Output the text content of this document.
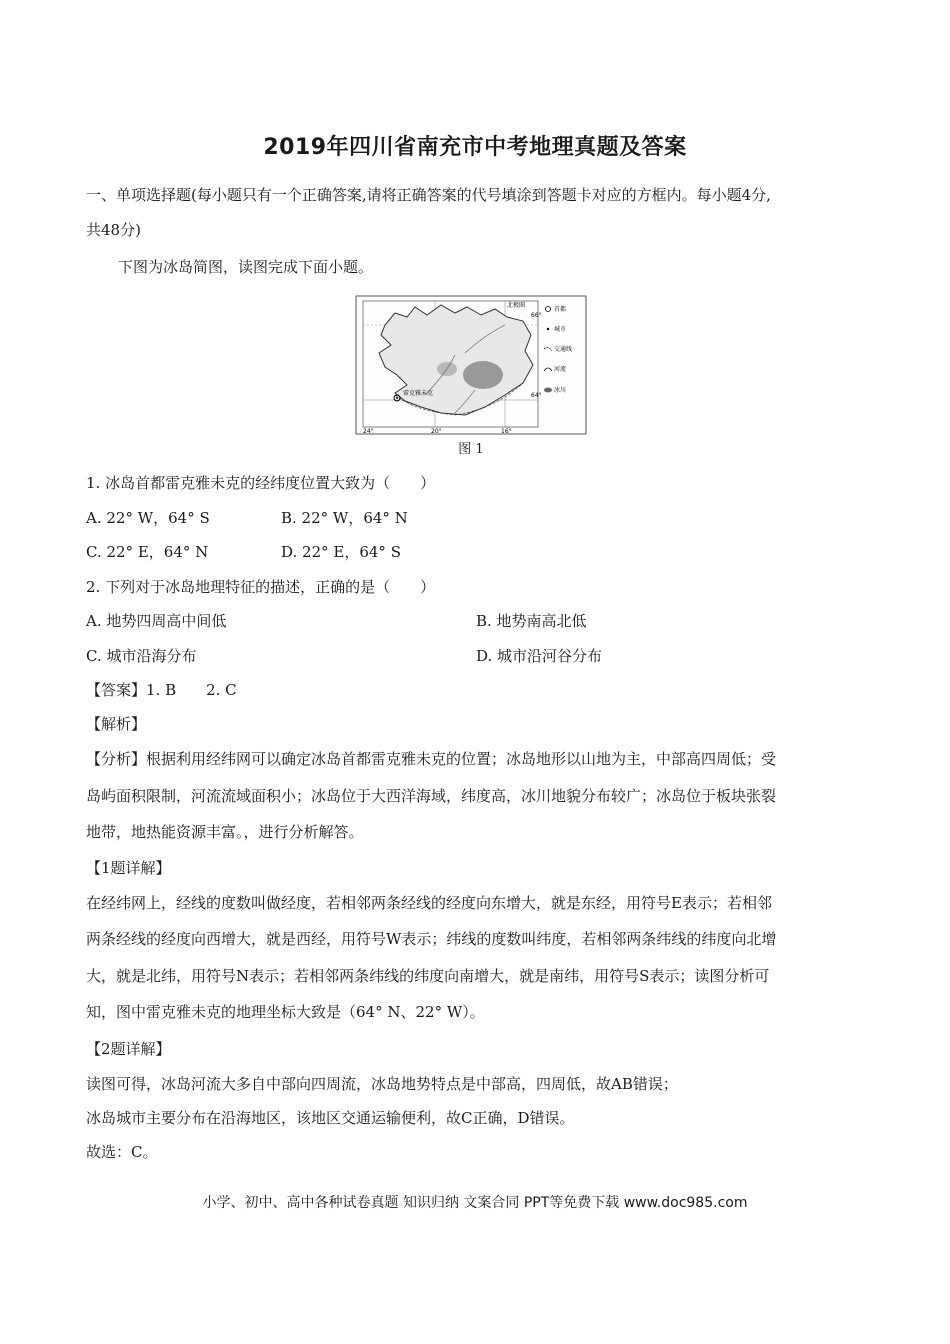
2019年四川省南充市中考地理真题及答案
一、单项选择题(每小题只有一个正确答案,请将正确答案的代号填涂到答题卡对应的方框内。每小题4分,
共48分)
下图为冰岛简图，读图完成下面小题。
雷克雅未克
北极圈
66°
64°
24°	20°	16°
首都
城市
交通线
河流
冰川
图 1
1. 冰岛首都雷克雅未克的经纬度位置大致为（　　）
A. 22° W，64° S	B. 22° W，64° N
C. 22° E，64° N	D. 22° E，64° S
2. 下列对于冰岛地理特征的描述，正确的是（　　）
A. 地势四周高中间低	B. 地势南高北低
C. 城市沿海分布	D. 城市沿河谷分布
【答案】1. B　　2. C
【解析】
【分析】根据利用经纬网可以确定冰岛首都雷克雅未克的位置；冰岛地形以山地为主，中部高四周低；受
岛屿面积限制，河流流域面积小；冰岛位于大西洋海域，纬度高，冰川地貌分布较广；冰岛位于板块张裂
地带，地热能资源丰富。，进行分析解答。
【1题详解】
在经纬网上，经线的度数叫做经度，若相邻两条经线的经度向东增大，就是东经，用符号E表示；若相邻
两条经线的经度向西增大，就是西经，用符号W表示；纬线的度数叫纬度，若相邻两条纬线的纬度向北增
大，就是北纬，用符号N表示；若相邻两条纬线的纬度向南增大，就是南纬，用符号S表示；读图分析可
知，图中雷克雅未克的地理坐标大致是（64° N、22° W）。
【2题详解】
读图可得，冰岛河流大多自中部向四周流，冰岛地势特点是中部高，四周低，故AB错误；
冰岛城市主要分布在沿海地区，该地区交通运输便利，故C正确，D错误。
故选：C。
小学、初中、高中各种试卷真题 知识归纳 文案合同 PPT等免费下载 www.doc985.com
